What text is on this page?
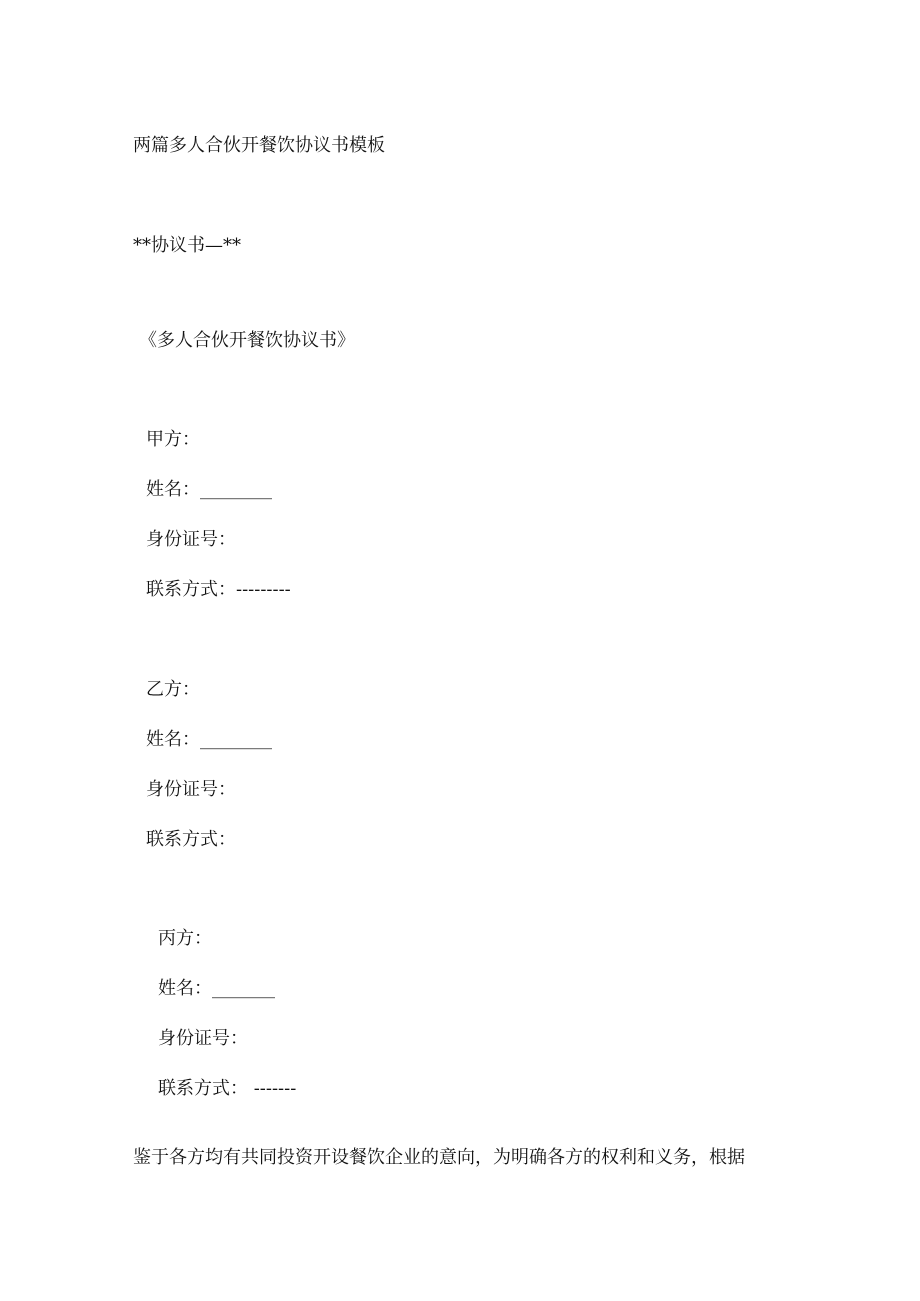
两篇多人合伙开餐饮协议书模板
**协议书—**
《多人合伙开餐饮协议书》
甲方：
姓名：________
身份证号：
联系方式：---------
乙方：
姓名：________
身份证号：
联系方式：
丙方：
姓名：_______
身份证号：
联系方式： -------
鉴于各方均有共同投资开设餐饮企业的意向，为明确各方的权利和义务，根据
